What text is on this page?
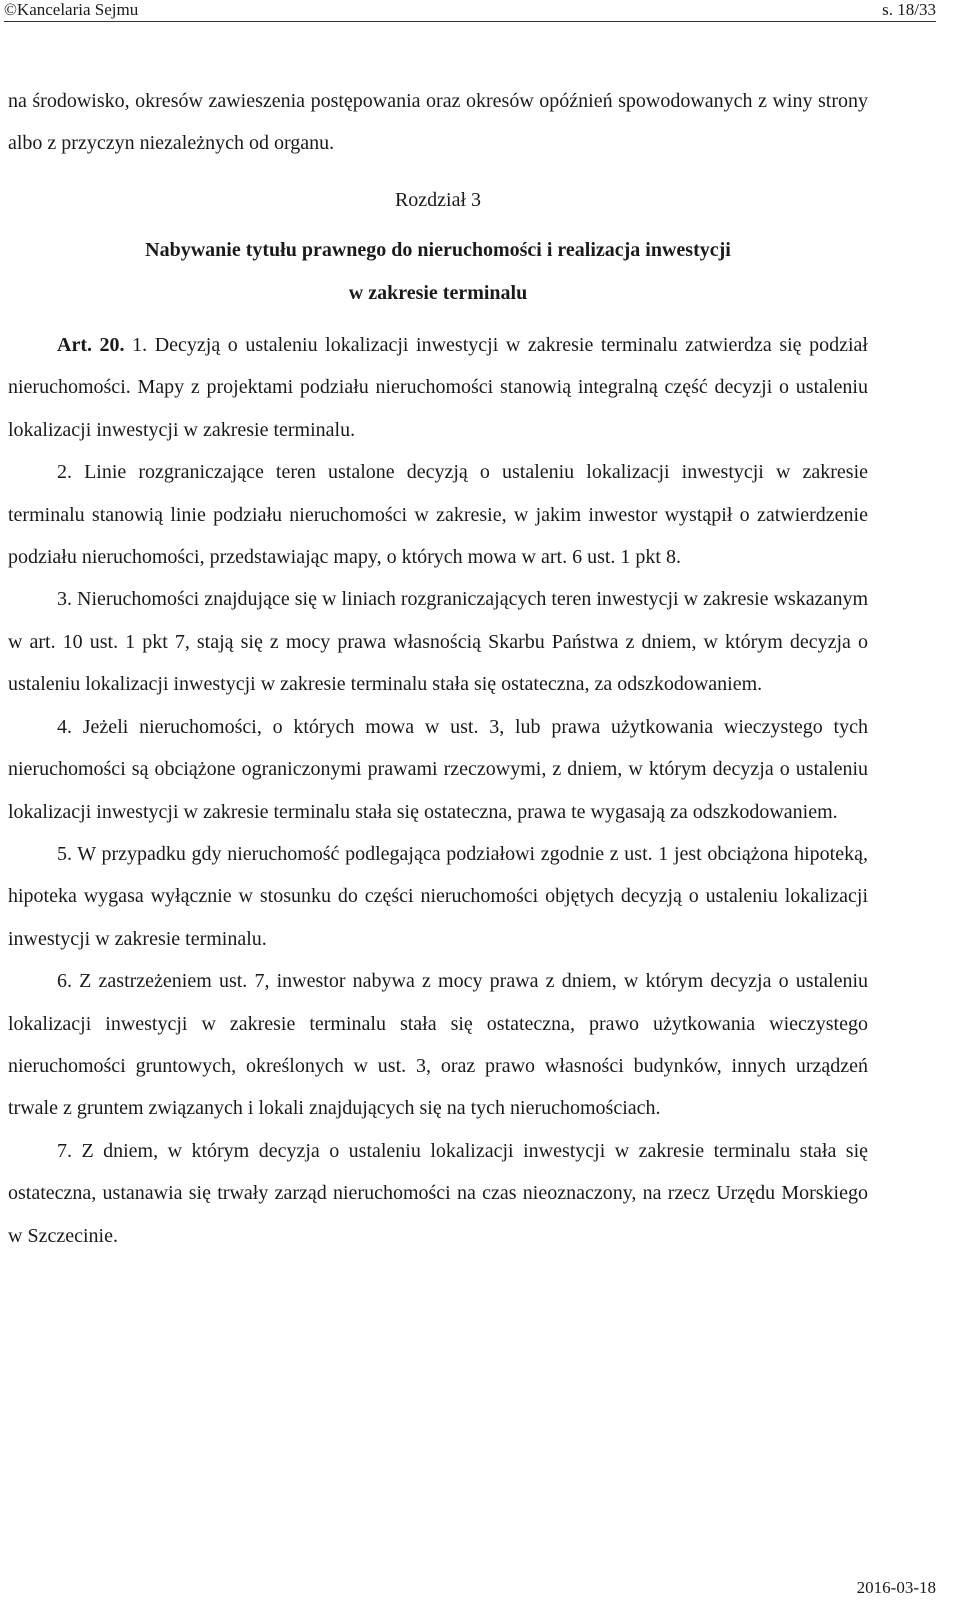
©Kancelaria Sejmu	s. 18/33

na środowisko, okresów zawieszenia postępowania oraz okresów opóźnień spowodowanych z winy strony albo z przyczyn niezależnych od organu.

Rozdział 3

Nabywanie tytułu prawnego do nieruchomości i realizacja inwestycji

w zakresie terminalu

Art. 20. 1. Decyzją o ustaleniu lokalizacji inwestycji w zakresie terminalu zatwierdza się podział nieruchomości. Mapy z projektami podziału nieruchomości stanowią integralną część decyzji o ustaleniu lokalizacji inwestycji w zakresie terminalu.

2. Linie rozgraniczające teren ustalone decyzją o ustaleniu lokalizacji inwestycji w zakresie terminalu stanowią linie podziału nieruchomości w zakresie, w jakim inwestor wystąpił o zatwierdzenie podziału nieruchomości, przedstawiając mapy, o których mowa w art. 6 ust. 1 pkt 8.

3. Nieruchomości znajdujące się w liniach rozgraniczających teren inwestycji w zakresie wskazanym w art. 10 ust. 1 pkt 7, stają się z mocy prawa własnością Skarbu Państwa z dniem, w którym decyzja o ustaleniu lokalizacji inwestycji w zakresie terminalu stała się ostateczna, za odszkodowaniem.

4. Jeżeli nieruchomości, o których mowa w ust. 3, lub prawa użytkowania wieczystego tych nieruchomości są obciążone ograniczonymi prawami rzeczowymi, z dniem, w którym decyzja o ustaleniu lokalizacji inwestycji w zakresie terminalu stała się ostateczna, prawa te wygasają za odszkodowaniem.

5. W przypadku gdy nieruchomość podlegająca podziałowi zgodnie z ust. 1 jest obciążona hipoteką, hipoteka wygasa wyłącznie w stosunku do części nieruchomości objętych decyzją o ustaleniu lokalizacji inwestycji w zakresie terminalu.

6. Z zastrzeżeniem ust. 7, inwestor nabywa z mocy prawa z dniem, w którym decyzja o ustaleniu lokalizacji inwestycji w zakresie terminalu stała się ostateczna, prawo użytkowania wieczystego nieruchomości gruntowych, określonych w ust. 3, oraz prawo własności budynków, innych urządzeń trwale z gruntem związanych i lokali znajdujących się na tych nieruchomościach.

7. Z dniem, w którym decyzja o ustaleniu lokalizacji inwestycji w zakresie terminalu stała się ostateczna, ustanawia się trwały zarząd nieruchomości na czas nieoznaczony, na rzecz Urzędu Morskiego w Szczecinie.

2016-03-18
